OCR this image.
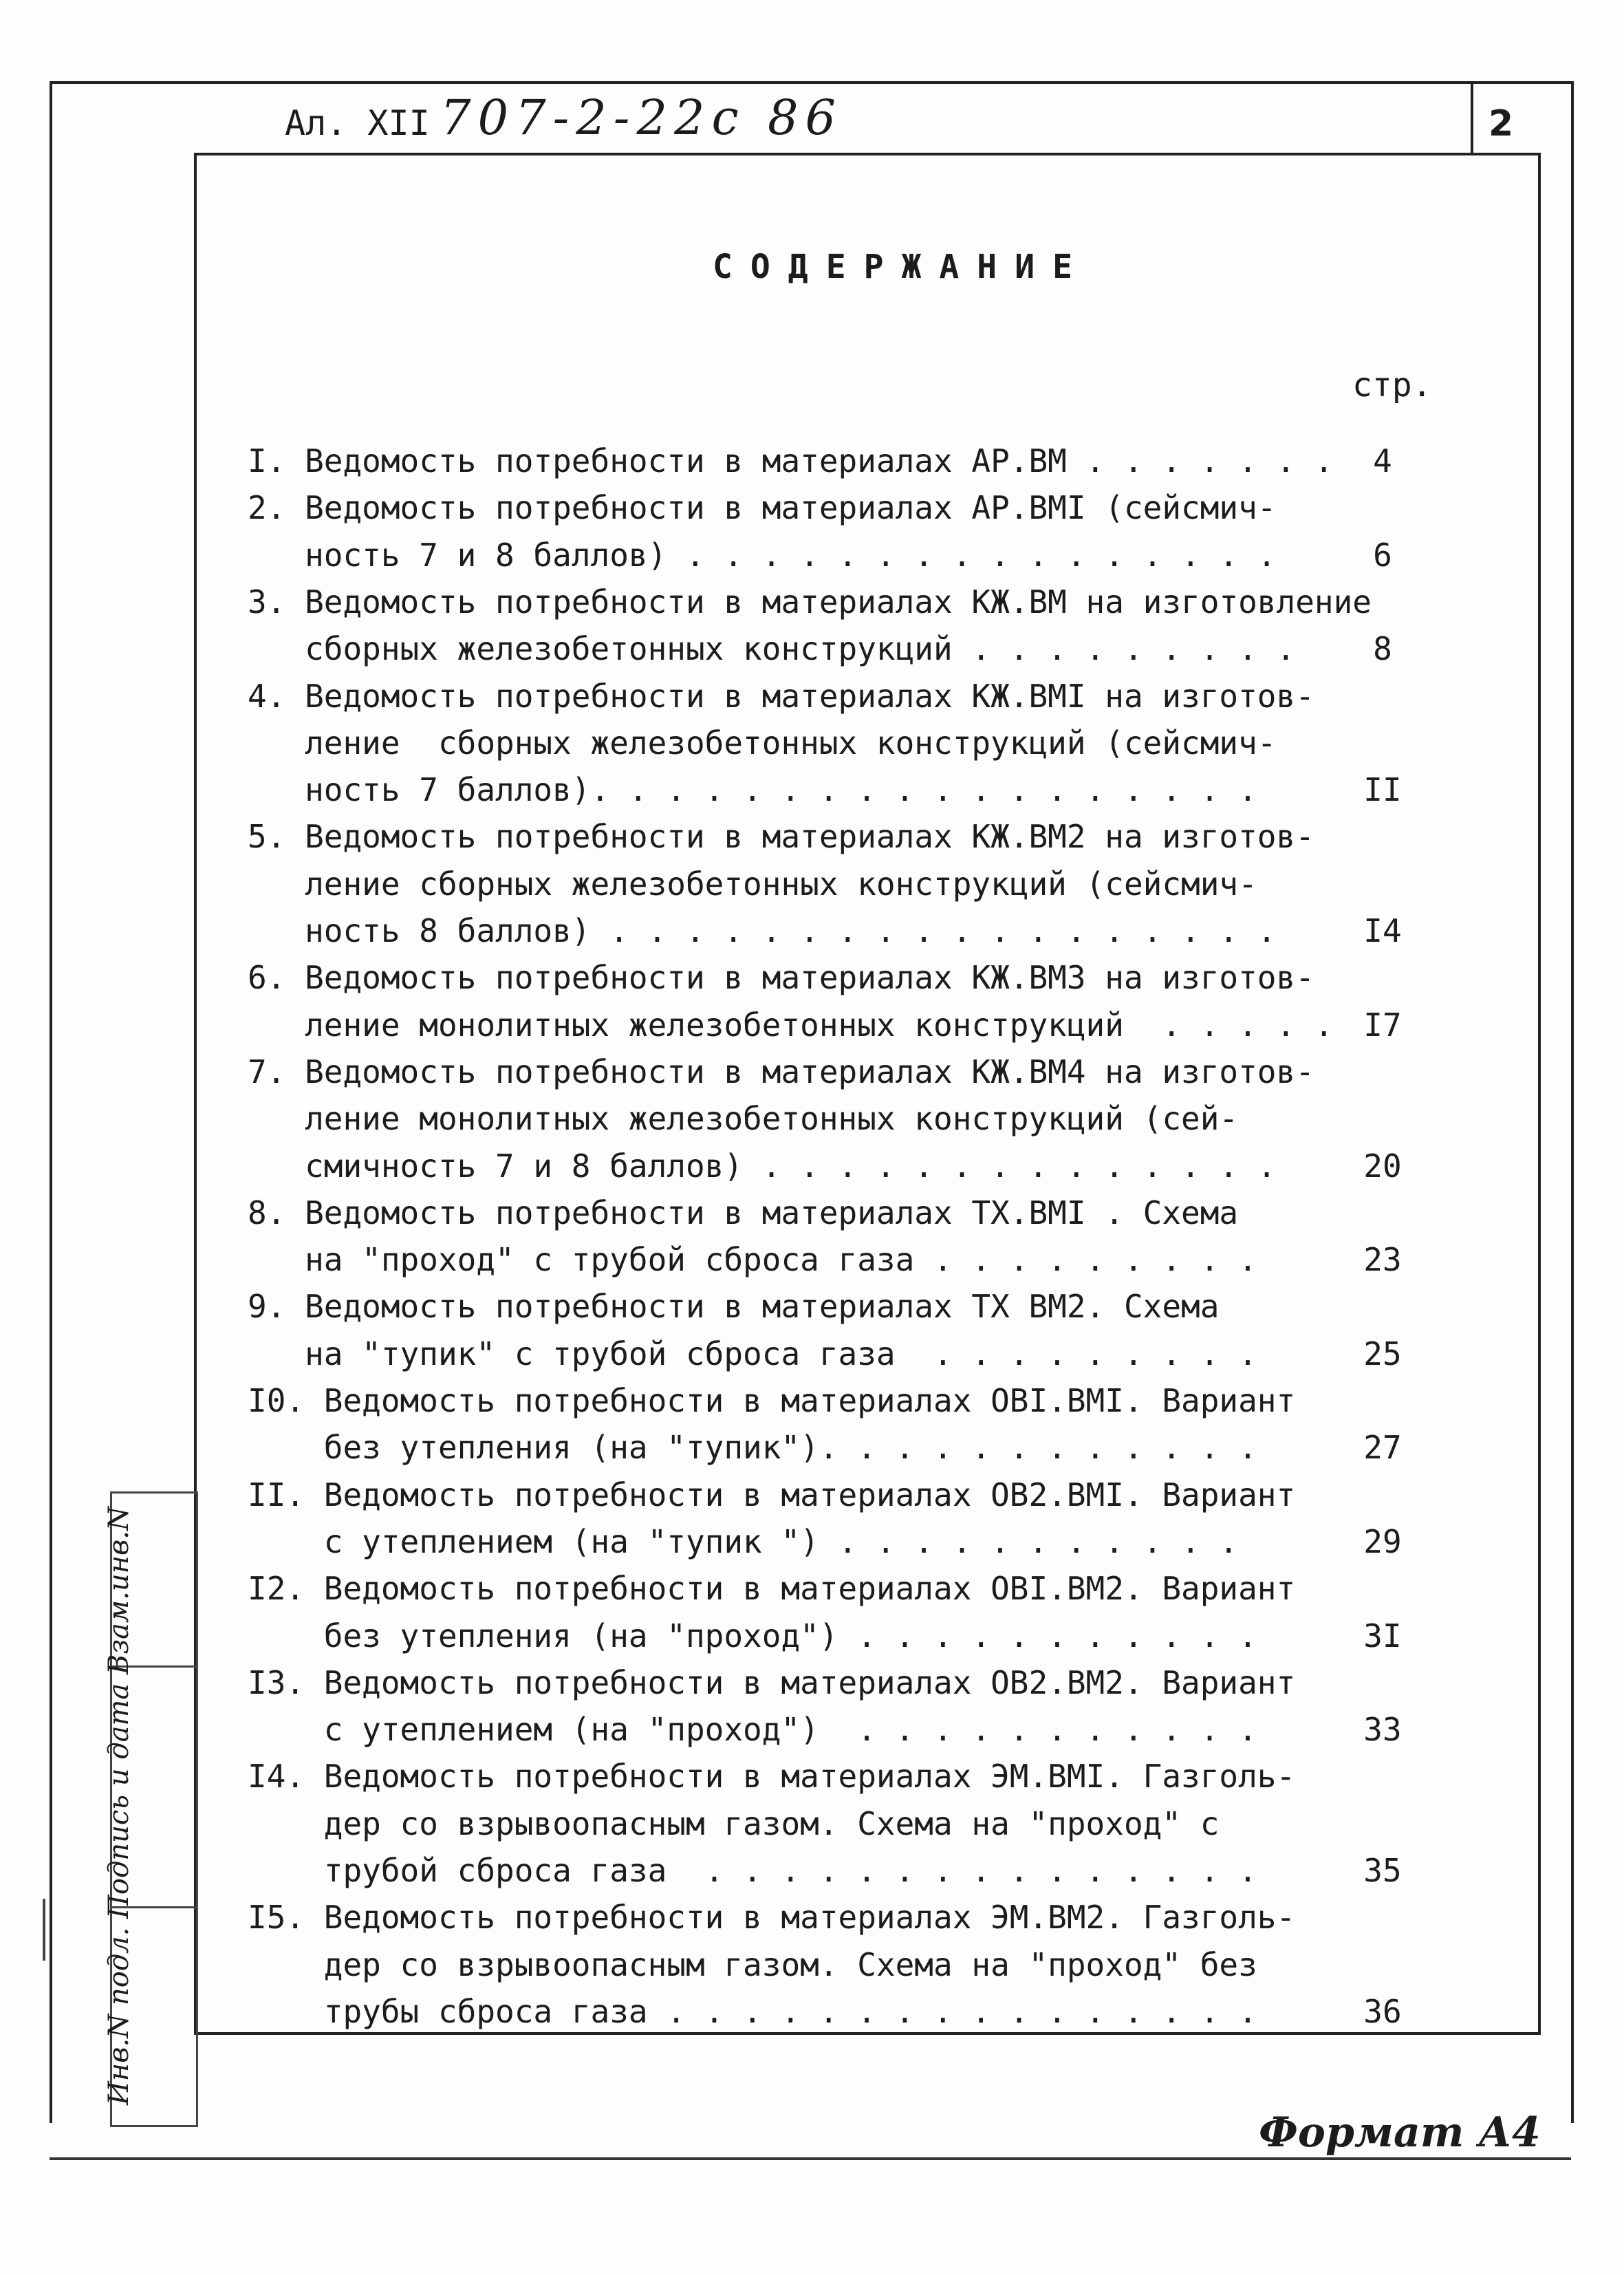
2
Ал. XII 707-2-22с 86
СОДЕРЖАНИЕ
стр.
I. Ведомость потребности в материалах АР.ВМ . . . . . . .	4
2. Ведомость потребности в материалах АР.ВМI (сейсмич-
ность 7 и 8 баллов) . . . . . . . . . . . . . . . .	6
3. Ведомость потребности в материалах КЖ.ВМ на изготовление
сборных железобетонных конструкций . . . . . . . . .	8
4. Ведомость потребности в материалах КЖ.ВМI на изготов-
ление  сборных железобетонных конструкций (сейсмич-
ность 7 баллов). . . . . . . . . . . . . . . . . .	II
5. Ведомость потребности в материалах КЖ.ВМ2 на изготов-
ление сборных железобетонных конструкций (сейсмич-
ность 8 баллов) . . . . . . . . . . . . . . . . . .	I4
6. Ведомость потребности в материалах КЖ.ВМ3 на изготов-
ление монолитных железобетонных конструкций  . . . . . I7
7. Ведомость потребности в материалах КЖ.ВМ4 на изготов-
ление монолитных железобетонных конструкций (сей-
смичность 7 и 8 баллов) . . . . . . . . . . . . . .	20
8. Ведомость потребности в материалах ТХ.ВМI . Схема
на "проход" с трубой сброса газа . . . . . . . . .	23
9. Ведомость потребности в материалах ТХ ВМ2. Схема
на "тупик" с трубой сброса газа  . . . . . . . . .	25
I0. Ведомость потребности в материалах ОВI.ВМI. Вариант
без утепления (на "тупик"). . . . . . . . . . . .	27
II. Ведомость потребности в материалах ОВ2.ВМI. Вариант
с утеплением (на "тупик ") . . . . . . . . . . .	29
I2. Ведомость потребности в материалах ОВI.ВМ2. Вариант
без утепления (на "проход") . . . . . . . . . . .	3I
I3. Ведомость потребности в материалах ОВ2.ВМ2. Вариант
с утеплением (на "проход")  . . . . . . . . . . .	33
I4. Ведомость потребности в материалах ЭМ.ВМI. Газголь-
дер со взрывоопасным газом. Схема на "проход" с
трубой сброса газа  . . . . . . . . . . . . . . .	35
I5. Ведомость потребности в материалах ЭМ.ВМ2. Газголь-
дер со взрывоопасным газом. Схема на "проход" без
трубы сброса газа . . . . . . . . . . . . . . . .	36
Инв.N подл. Подпись и дата Взам.инв.N
Формат А4
